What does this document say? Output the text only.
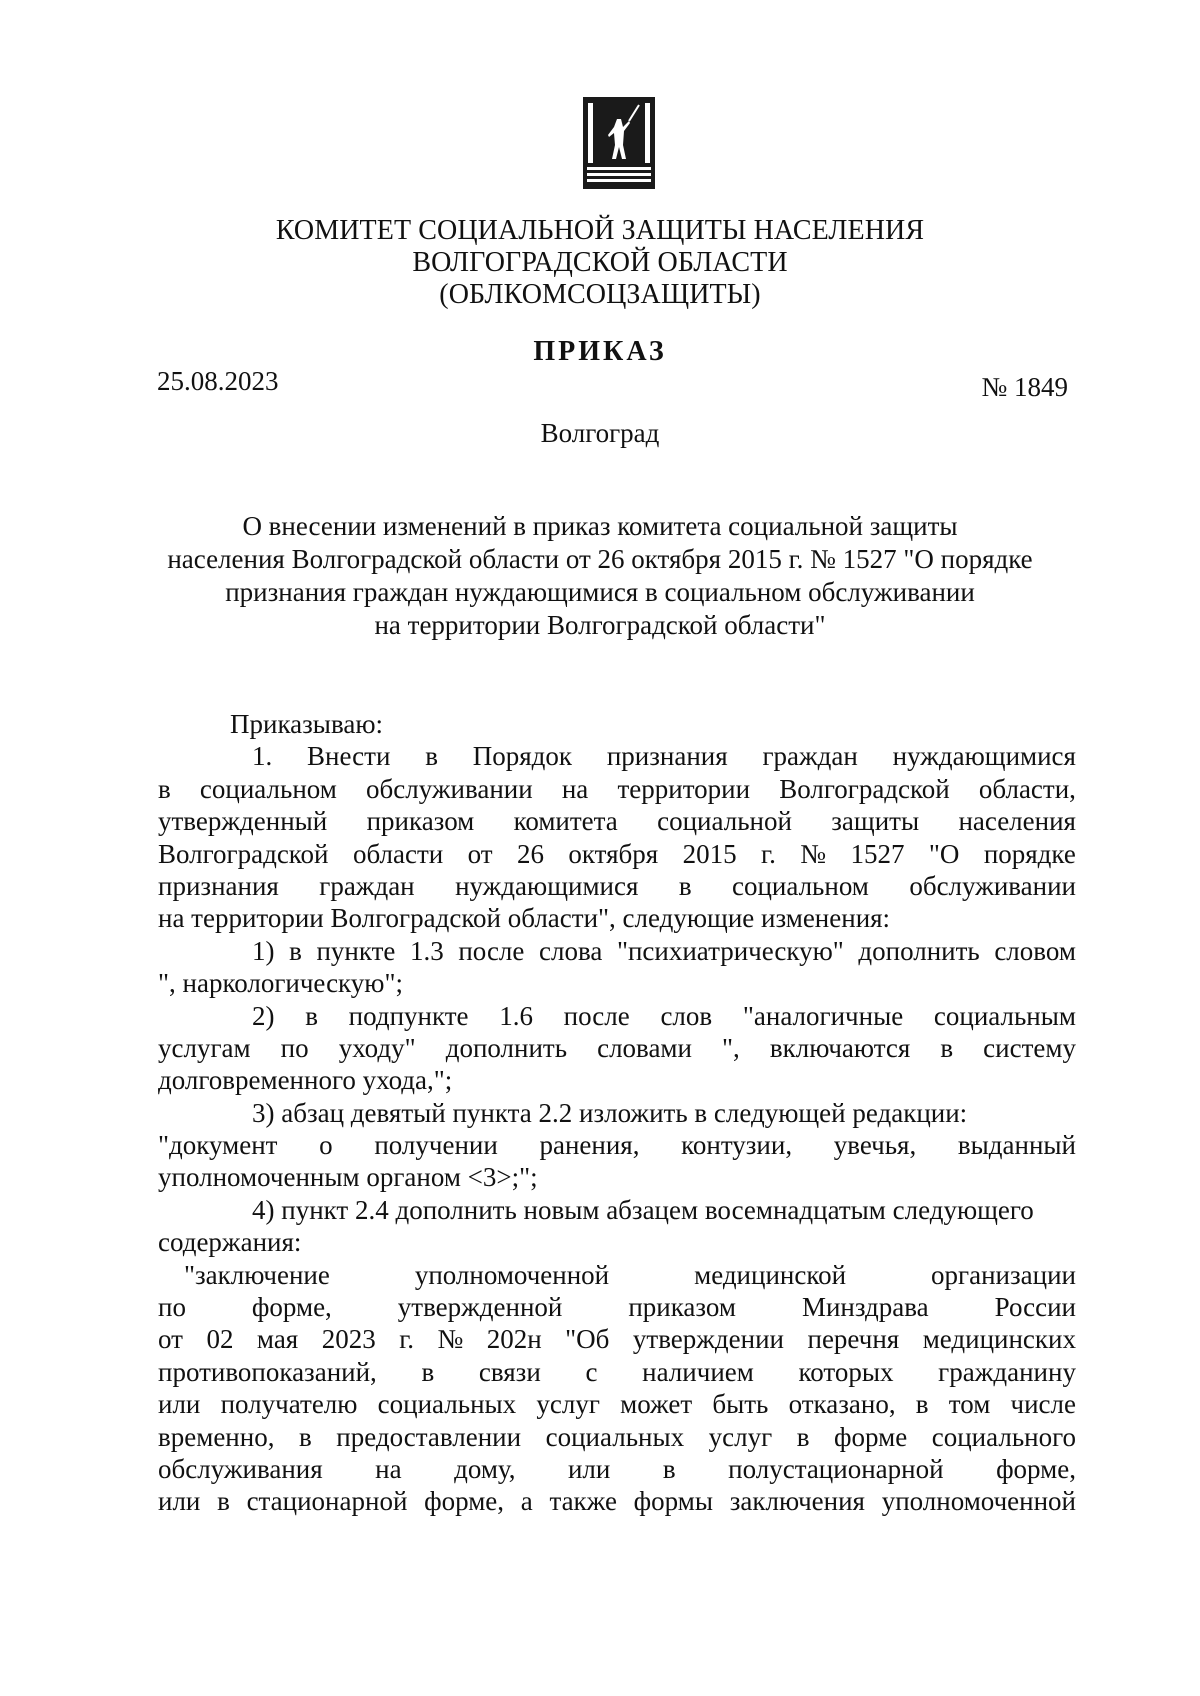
КОМИТЕТ СОЦИАЛЬНОЙ ЗАЩИТЫ НАСЕЛЕНИЯ
ВОЛГОГРАДСКОЙ ОБЛАСТИ
(ОБЛКОМСОЦЗАЩИТЫ)
ПРИКАЗ
25.08.2023	№ 1849
Волгоград
О внесении изменений в приказ комитета социальной защиты
населения Волгоградской области от 26 октября 2015 г. № 1527 "О порядке
признания граждан нуждающимися в социальном обслуживании
на территории Волгоградской области"
Приказываю:
1. Внести в Порядок признания граждан нуждающимися
в социальном обслуживании на территории Волгоградской области,
утвержденный приказом комитета социальной защиты населения
Волгоградской области от 26 октября 2015 г. № 1527 "О порядке
признания граждан нуждающимися в социальном обслуживании
на территории Волгоградской области", следующие изменения:
1) в пункте 1.3 после слова "психиатрическую" дополнить словом
", наркологическую";
2) в подпункте 1.6 после слов "аналогичные социальным
услугам по уходу" дополнить словами ", включаются в систему
долговременного ухода,";
3) абзац девятый пункта 2.2 изложить в следующей редакции:
"документ о получении ранения, контузии, увечья, выданный
уполномоченным органом <3>;";
4) пункт 2.4 дополнить новым абзацем восемнадцатым следующего
содержания:
"заключение	уполномоченной	медицинской	организации
по форме, утвержденной приказом Минздрава России
от 02 мая 2023 г. № 202н "Об утверждении перечня медицинских
противопоказаний, в связи с наличием которых гражданину
или получателю социальных услуг может быть отказано, в том числе
временно, в предоставлении социальных услуг в форме социального
обслуживания на дому, или в полустационарной форме,
или в стационарной форме, а также формы заключения уполномоченной
